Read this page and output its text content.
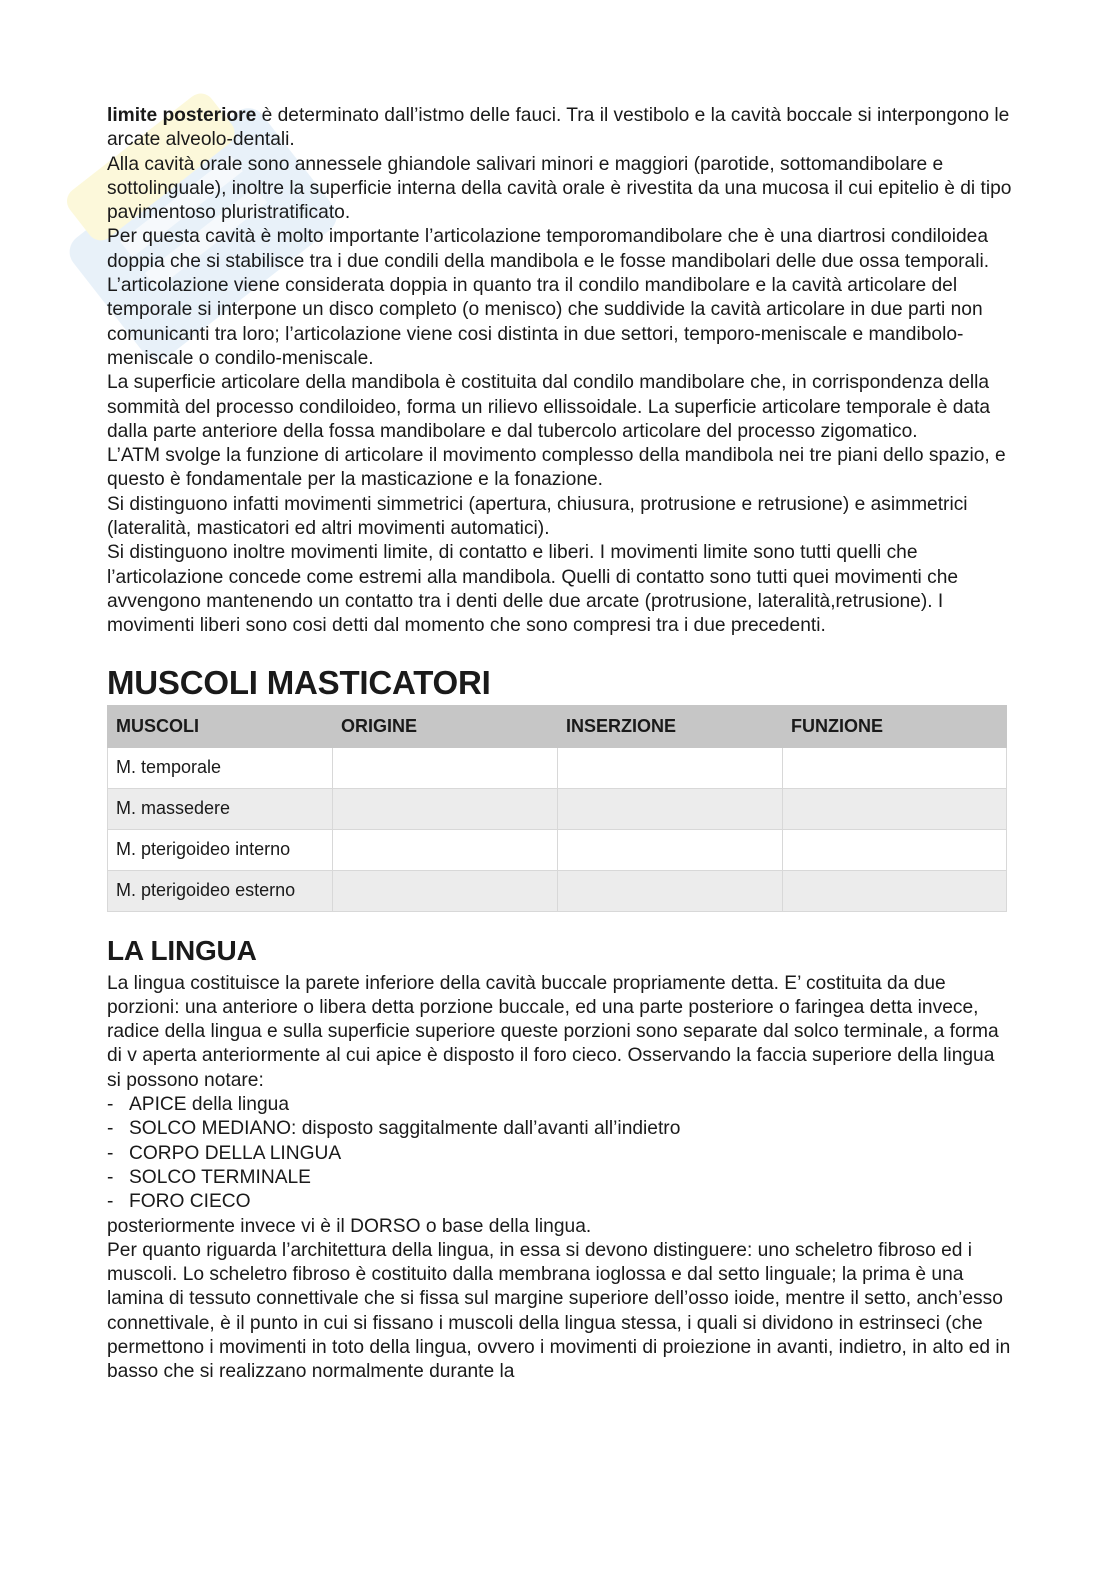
limite posteriore è determinato dall’istmo delle fauci. Tra il vestibolo e la cavità boccale si interpongono le arcate alveolo-dentali.

Alla cavità orale sono annessele ghiandole salivari minori e maggiori (parotide, sottomandibolare e sottolinguale), inoltre la superficie interna della cavità orale è rivestita da una mucosa il cui epitelio è di tipo pavimentoso pluristratificato.

Per questa cavità è molto importante l’articolazione temporomandibolare che è una diartrosi condiloidea doppia che si stabilisce tra i due condili della mandibola e le fosse mandibolari delle due ossa temporali. L’articolazione viene considerata doppia in quanto tra il condilo mandibolare e la cavità articolare del temporale si interpone un disco completo (o menisco) che suddivide la cavità articolare in due parti non comunicanti tra loro; l’articolazione viene cosi distinta in due settori, temporo-meniscale e mandibolo-meniscale o condilo-meniscale.

La superficie articolare della mandibola è costituita dal condilo mandibolare che, in corrispondenza della sommità del processo condiloideo, forma un rilievo ellissoidale. La superficie articolare temporale è data dalla parte anteriore della fossa mandibolare e dal tubercolo articolare del processo zigomatico.

L’ATM svolge la funzione di articolare il movimento complesso della mandibola nei tre piani dello spazio, e questo è fondamentale per la masticazione e la fonazione.

Si distinguono infatti movimenti simmetrici (apertura, chiusura, protrusione e retrusione) e asimmetrici (lateralità, masticatori ed altri movimenti automatici).

Si distinguono inoltre movimenti limite, di contatto e liberi. I movimenti limite sono tutti quelli che l’articolazione concede come estremi alla mandibola. Quelli di contatto sono tutti quei movimenti che avvengono mantenendo un contatto tra i denti delle due arcate (protrusione, lateralità,retrusione). I movimenti liberi sono cosi detti dal momento che sono compresi tra i due precedenti.

MUSCOLI MASTICATORI
MUSCOLI	ORIGINE	INSERZIONE	FUNZIONE
M. temporale			
M. massedere			
M. pterigoideo interno			
M. pterigoideo esterno			
LA LINGUA

La lingua costituisce la parete inferiore della cavità buccale propriamente detta. E’ costituita da due porzioni: una anteriore o libera detta porzione buccale, ed una parte posteriore o faringea detta invece, radice della lingua e sulla superficie superiore queste porzioni sono separate dal solco terminale, a forma di v aperta anteriormente al cui apice è disposto il foro cieco. Osservando la faccia superiore della lingua si possono notare:

- APICE della lingua
- SOLCO MEDIANO: disposto saggitalmente dall’avanti all’indietro
- CORPO DELLA LINGUA
- SOLCO TERMINALE
- FORO CIECO

posteriormente invece vi è il DORSO o base della lingua.

Per quanto riguarda l’architettura della lingua, in essa si devono distinguere: uno scheletro fibroso ed i muscoli. Lo scheletro fibroso è costituito dalla membrana ioglossa e dal setto linguale; la prima è una lamina di tessuto connettivale che si fissa sul margine superiore dell’osso ioide, mentre il setto, anch’esso connettivale, è il punto in cui si fissano i muscoli della lingua stessa, i quali si dividono in estrinseci (che permettono i movimenti in toto della lingua, ovvero i movimenti di proiezione in avanti, indietro, in alto ed in basso che si realizzano normalmente durante la
